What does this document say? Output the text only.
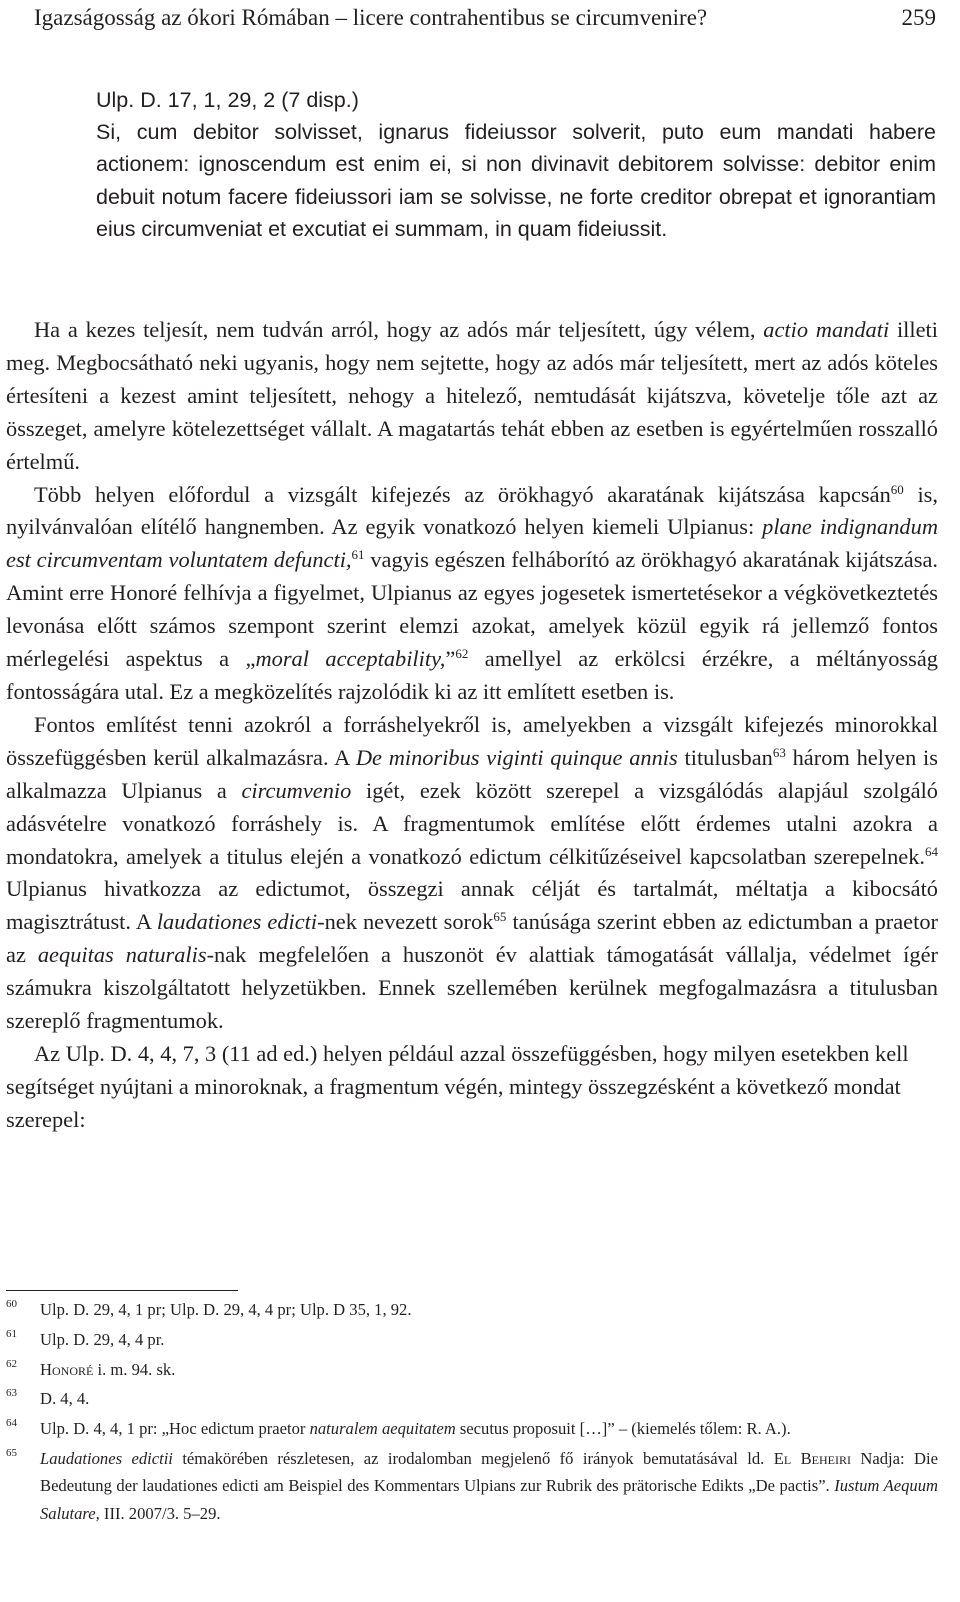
Igazságosság az ókori Rómában – licere contrahentibus se circumvenire?	259
Ulp. D. 17, 1, 29, 2 (7 disp.)
Si, cum debitor solvisset, ignarus fideiussor solverit, puto eum mandati habere actionem: ignoscendum est enim ei, si non divinavit debitorem solvisse: debitor enim debuit notum facere fideiussori iam se solvisse, ne forte creditor obrepat et ignorantiam eius circumveniat et excutiat ei summam, in quam fideiussit.

Ha a kezes teljesít, nem tudván arról, hogy az adós már teljesített, úgy vélem, actio mandati illeti meg. Megbocsátható neki ugyanis, hogy nem sejtette, hogy az adós már teljesített, mert az adós köteles értesíteni a kezest amint teljesített, nehogy a hitelező, nemtudását kijátszva, követelje tőle azt az összeget, amelyre kötelezettséget vállalt. A magatartás tehát ebben az esetben is egyértelműen rosszalló értelmű.

Több helyen előfordul a vizsgált kifejezés az örökhagyó akaratának kijátszása kapcsán$^{60}$ is, nyilvánvalóan elítélő hangnemben. Az egyik vonatkozó helyen kiemeli Ulpianus: plane indignandum est circumventam voluntatem defuncti,$^{61}$ vagyis egészen felháborító az örökhagyó akaratának kijátszása. Amint erre Honoré felhívja a figyelmet, Ulpianus az egyes jogesetek ismertetésekor a végkövetkeztetés levonása előtt számos szempont szerint elemzi azokat, amelyek közül egyik rá jellemző fontos mérlegelési aspektus a „moral acceptability,”$^{62}$ amellyel az erkölcsi érzékre, a méltányosság fontosságára utal. Ez a megközelítés rajzolódik ki az itt említett esetben is.

Fontos említést tenni azokról a forráshelyekről is, amelyekben a vizsgált kifejezés minorokkal összefüggésben kerül alkalmazásra. A De minoribus viginti quinque annis titulusban$^{63}$ három helyen is alkalmazza Ulpianus a circumvenio igét, ezek között szerepel a vizsgálódás alapjául szolgáló adásvételre vonatkozó forráshely is. A fragmentumok említése előtt érdemes utalni azokra a mondatokra, amelyek a titulus elején a vonatkozó edictum célkitűzéseivel kapcsolatban szerepelnek.$^{64}$ Ulpianus hivatkozza az edictumot, összegzi annak célját és tartalmát, méltatja a kibocsátó magisztrátust. A laudationes edicti-nek nevezett sorok$^{65}$ tanúsága szerint ebben az edictumban a praetor az aequitas naturalis-nak megfelelően a huszonöt év alattiak támogatását vállalja, védelmet ígér számukra kiszolgáltatott helyzetükben. Ennek szellemében kerülnek megfogalmazásra a titulusban szereplő fragmentumok.

Az Ulp. D. 4, 4, 7, 3 (11 ad ed.) helyen például azzal összefüggésben, hogy milyen esetekben kell segítséget nyújtani a minoroknak, a fragmentum végén, mintegy összegzésként a következő mondat szerepel:

60 Ulp. D. 29, 4, 1 pr; Ulp. D. 29, 4, 4 pr; Ulp. D 35, 1, 92.
61 Ulp. D. 29, 4, 4 pr.
62 Honoré i. m. 94. sk.
63 D. 4, 4.
64 Ulp. D. 4, 4, 1 pr: „Hoc edictum praetor naturalem aequitatem secutus proposuit […]” – (kiemelés tőlem: R. A.).
65 Laudationes edictii témakörében részletesen, az irodalomban megjelenő fő irányok bemutatásával ld. El Beheiri Nadja: Die Bedeutung der laudationes edicti am Beispiel des Kommentars Ulpians zur Rubrik des prätorische Edikts „De pactis”. Iustum Aequum Salutare, III. 2007/3. 5–29.
